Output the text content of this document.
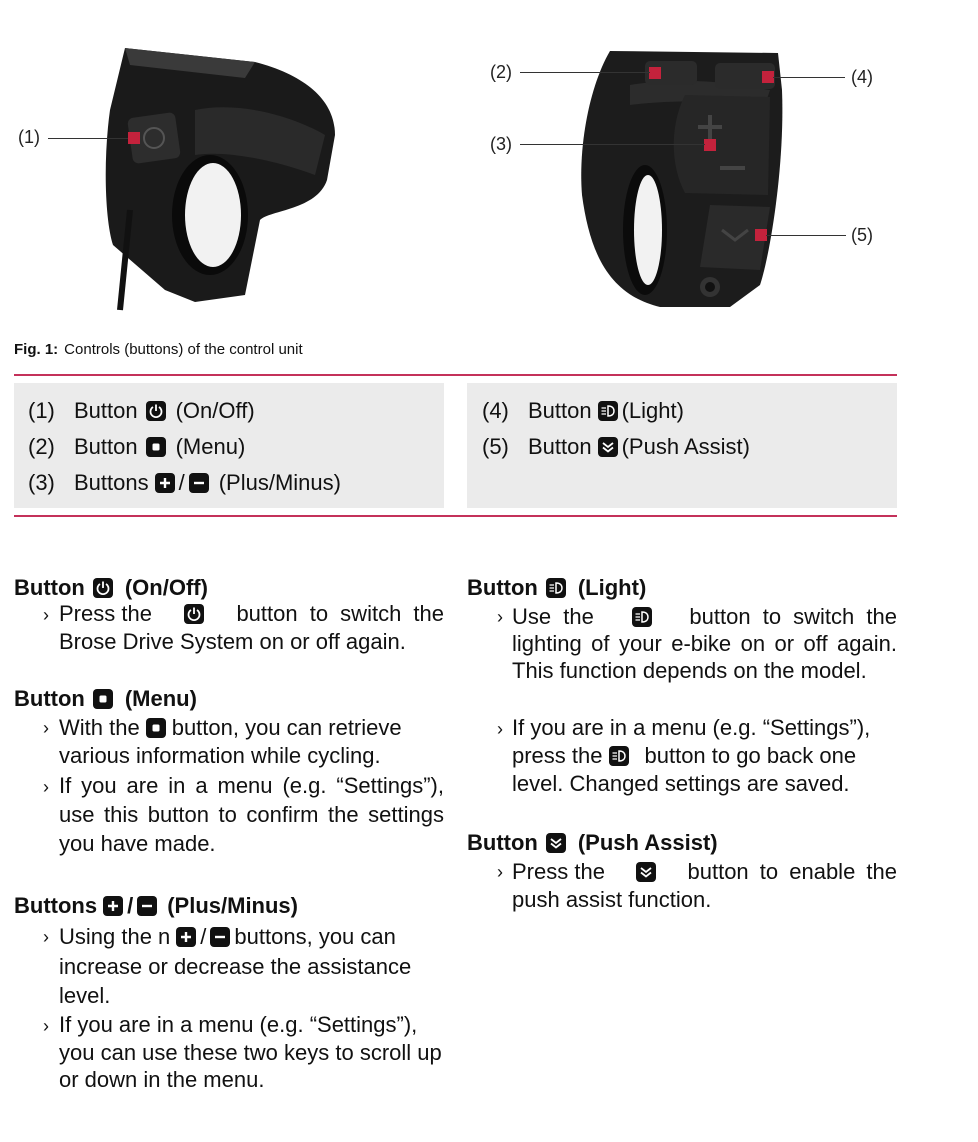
(1)
(2)
(3)
(4)
(5)
Fig. 1: Controls (buttons) of the control unit
(1) Button (On/Off)
(2) Button (Menu)
(3) Buttons / (Plus/Minus)
(4) Button (Light)
(5) Button (Push Assist)
Button (On/Off)
› Press the	button to switch the
Brose Drive System on or off again.
Button (Menu)
› With the button, you can retrieve
various information while cycling.
› If you are in a menu (e.g. “Settings”), use this button to confirm the settings you have made.
Buttons / (Plus/Minus)
› Using the n / buttons, you can
increase or decrease the assistance level.
› If you are in a menu (e.g. “Settings”), you can use these two keys to scroll up or down in the menu.
Button (Light)
› Use the	button to switch the
lighting of your e-bike on or off again. This function depends on the model.
› If you are in a menu (e.g. “Settings”),
press the button to go back one
level. Changed settings are saved.
Button (Push Assist)
› Press the	button to enable the
push assist function.
